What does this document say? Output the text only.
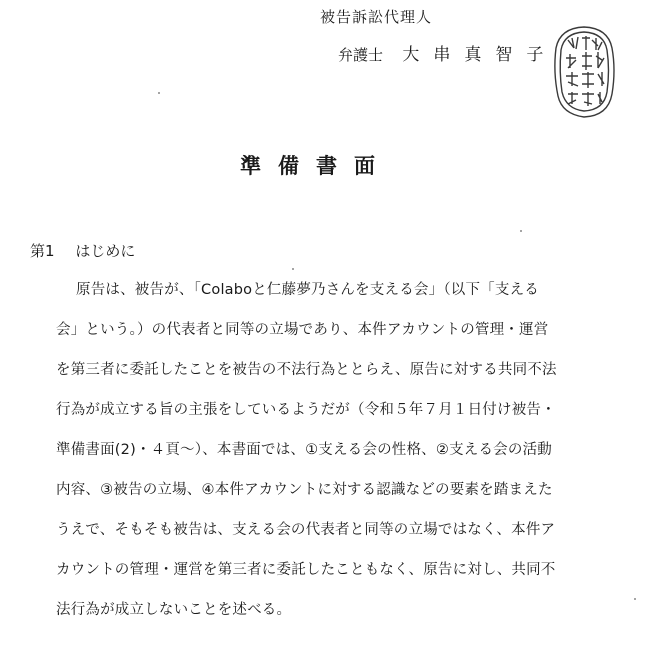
被告訴訟代理人
弁護士 大串真智子
準備書面
第1 はじめに
原告は、被告が、「Colaboと仁藤夢乃さんを支える会」（以下「支える
会」という。）の代表者と同等の立場であり、本件アカウントの管理・運営
を第三者に委託したことを被告の不法行為ととらえ、原告に対する共同不法
行為が成立する旨の主張をしているようだが（令和５年７月１日付け被告・
準備書面(2)・４頁～）、本書面では、①支える会の性格、②支える会の活動
内容、③被告の立場、④本件アカウントに対する認識などの要素を踏まえた
うえで、そもそも被告は、支える会の代表者と同等の立場ではなく、本件ア
カウントの管理・運営を第三者に委託したこともなく、原告に対し、共同不
法行為が成立しないことを述べる。
